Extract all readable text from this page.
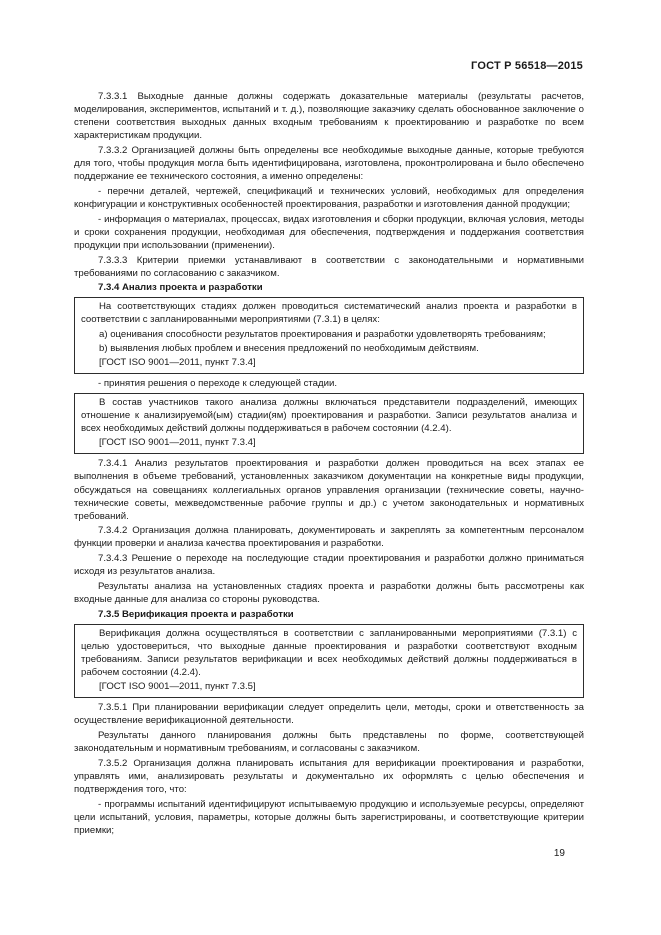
ГОСТ Р 56518—2015

7.3.3.1 Выходные данные должны содержать доказательные материалы (результаты расчетов, моделирования, экспериментов, испытаний и т. д.), позволяющие заказчику сделать обоснованное заключение о степени соответствия выходных данных входным требованиям к проектированию и разработке по всем характеристикам продукции.

7.3.3.2 Организацией должны быть определены все необходимые выходные данные, которые требуются для того, чтобы продукция могла быть идентифицирована, изготовлена, проконтролирована и было обеспечено поддержание ее технического состояния, а именно определены:

- перечни деталей, чертежей, спецификаций и технических условий, необходимых для определения конфигурации и конструктивных особенностей проектирования, разработки и изготовления данной продукции;

- информация о материалах, процессах, видах изготовления и сборки продукции, включая условия, методы и сроки сохранения продукции, необходимая для обеспечения, подтверждения и поддержания соответствия продукции при использовании (применении).

7.3.3.3 Критерии приемки устанавливают в соответствии с законодательными и нормативными требованиями по согласованию с заказчиком.

7.3.4 Анализ проекта и разработки

На соответствующих стадиях должен проводиться систематический анализ проекта и разработки в соответствии с запланированными мероприятиями (7.3.1) в целях:

а) оценивания способности результатов проектирования и разработки удовлетворять требованиям;

b) выявления любых проблем и внесения предложений по необходимым действиям.

[ГОСТ ISO 9001—2011, пункт 7.3.4]

- принятия решения о переходе к следующей стадии.

В состав участников такого анализа должны включаться представители подразделений, имеющих отношение к анализируемой(ым) стадии(ям) проектирования и разработки. Записи результатов анализа и всех необходимых действий должны поддерживаться в рабочем состоянии (4.2.4).

[ГОСТ ISO 9001—2011, пункт 7.3.4]

7.3.4.1 Анализ результатов проектирования и разработки должен проводиться на всех этапах ее выполнения в объеме требований, установленных заказчиком документации на конкретные виды продукции, обсуждаться на совещаниях коллегиальных органов управления организации (технические советы, научно-технические советы, межведомственные рабочие группы и др.) с учетом законодательных и нормативных требований.

7.3.4.2 Организация должна планировать, документировать и закреплять за компетентным персоналом функции проверки и анализа качества проектирования и разработки.

7.3.4.3 Решение о переходе на последующие стадии проектирования и разработки должно приниматься исходя из результатов анализа.

Результаты анализа на установленных стадиях проекта и разработки должны быть рассмотрены как входные данные для анализа со стороны руководства.

7.3.5 Верификация проекта и разработки

Верификация должна осуществляться в соответствии с запланированными мероприятиями (7.3.1) с целью удостовериться, что выходные данные проектирования и разработки соответствуют входным требованиям. Записи результатов верификации и всех необходимых действий должны поддерживаться в рабочем состоянии (4.2.4).

[ГОСТ ISO 9001—2011, пункт 7.3.5]

7.3.5.1 При планировании верификации следует определить цели, методы, сроки и ответственность за осуществление верификационной деятельности.

Результаты данного планирования должны быть представлены по форме, соответствующей законодательным и нормативным требованиям, и согласованы с заказчиком.

7.3.5.2 Организация должна планировать испытания для верификации проектирования и разработки, управлять ими, анализировать результаты и документально их оформлять с целью обеспечения и подтверждения того, что:

- программы испытаний идентифицируют испытываемую продукцию и используемые ресурсы, определяют цели испытаний, условия, параметры, которые должны быть зарегистрированы, и соответствующие критерии приемки;

19
